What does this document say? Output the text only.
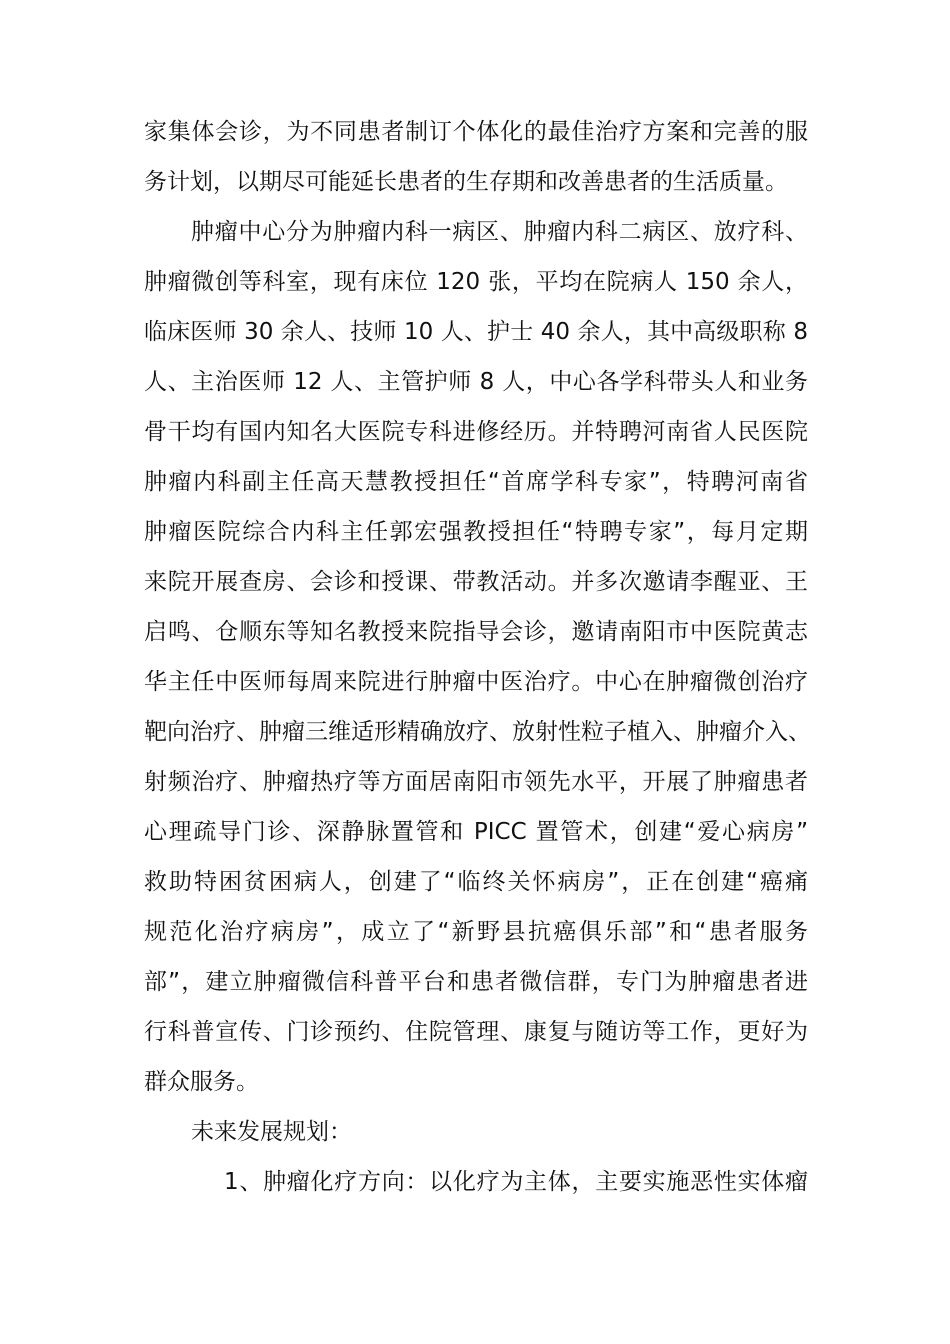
家集体会诊，为不同患者制订个体化的最佳治疗方案和完善的服
务计划，以期尽可能延长患者的生存期和改善患者的生活质量。
肿瘤中心分为肿瘤内科一病区、肿瘤内科二病区、放疗科、
肿瘤微创等科室，现有床位 120 张，平均在院病人 150 余人，
临床医师 30 余人、技师 10 人、护士 40 余人，其中高级职称 8
人、主治医师 12 人、主管护师 8 人，中心各学科带头人和业务
骨干均有国内知名大医院专科进修经历。并特聘河南省人民医院
肿瘤内科副主任高天慧教授担任“首席学科专家”，特聘河南省
肿瘤医院综合内科主任郭宏强教授担任“特聘专家”，每月定期
来院开展查房、会诊和授课、带教活动。并多次邀请李醒亚、王
启鸣、仓顺东等知名教授来院指导会诊，邀请南阳市中医院黄志
华主任中医师每周来院进行肿瘤中医治疗。中心在肿瘤微创治疗
靶向治疗、肿瘤三维适形精确放疗、放射性粒子植入、肿瘤介入、
射频治疗、肿瘤热疗等方面居南阳市领先水平，开展了肿瘤患者
心理疏导门诊、深静脉置管和 PICC 置管术，创建“爱心病房”
救助特困贫困病人，创建了“临终关怀病房”，正在创建“癌痛
规范化治疗病房”，成立了“新野县抗癌俱乐部”和“患者服务
部”，建立肿瘤微信科普平台和患者微信群，专门为肿瘤患者进
行科普宣传、门诊预约、住院管理、康复与随访等工作，更好为
群众服务。
未来发展规划：
1、肿瘤化疗方向：以化疗为主体，主要实施恶性实体瘤
